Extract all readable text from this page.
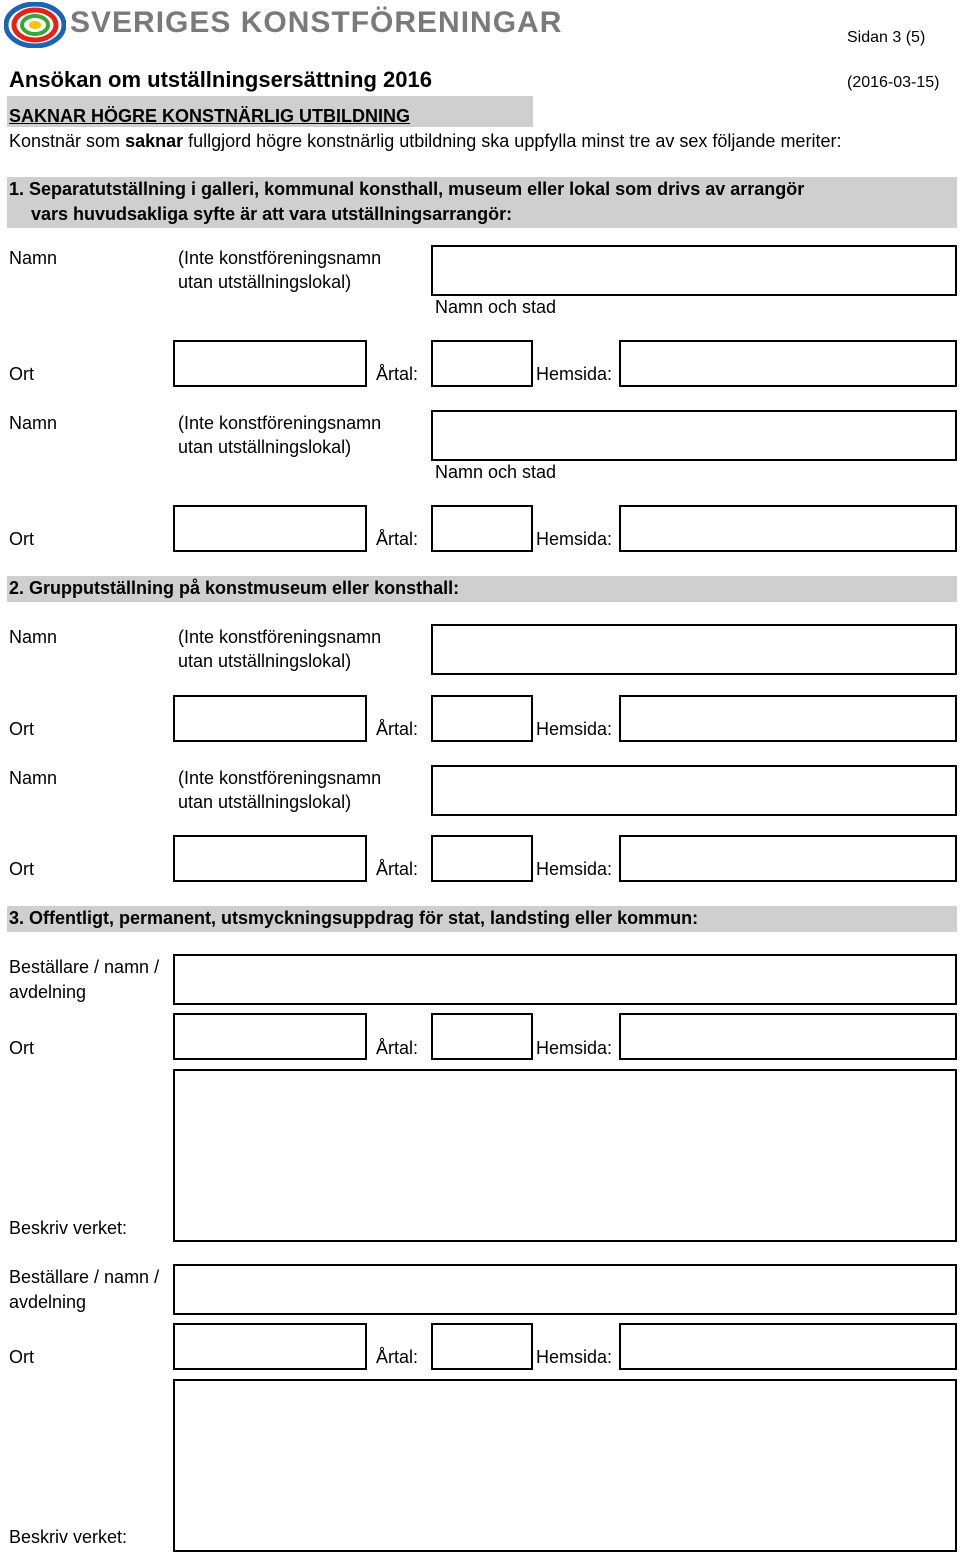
SVERIGES KONSTFÖRENINGAR	Sidan 3 (5)
Ansökan om utställningsersättning 2016	(2016-03-15)
SAKNAR HÖGRE KONSTNÄRLIG UTBILDNING
Konstnär som saknar fullgjord högre konstnärlig utbildning ska uppfylla minst tre av sex följande meriter:
1. Separatutställning i galleri, kommunal konsthall, museum eller lokal som drivs av arrangör
vars huvudsakliga syfte är att vara utställningsarrangör:
Namn	(Inte konstföreningsnamn
utan utställningslokal)
Namn och stad
Ort	Årtal:	Hemsida:
Namn	(Inte konstföreningsnamn
utan utställningslokal)
Namn och stad
Ort	Årtal:	Hemsida:
2. Grupputställning på konstmuseum eller konsthall:
Namn	(Inte konstföreningsnamn
utan utställningslokal)
Ort	Årtal:	Hemsida:
Namn	(Inte konstföreningsnamn
utan utställningslokal)
Ort	Årtal:	Hemsida:
3. Offentligt, permanent, utsmyckningsuppdrag för stat, landsting eller kommun:
Beställare / namn /
avdelning
Ort	Årtal:	Hemsida:
Beskriv verket:
Beställare / namn /
avdelning
Ort	Årtal:	Hemsida:
Beskriv verket:
